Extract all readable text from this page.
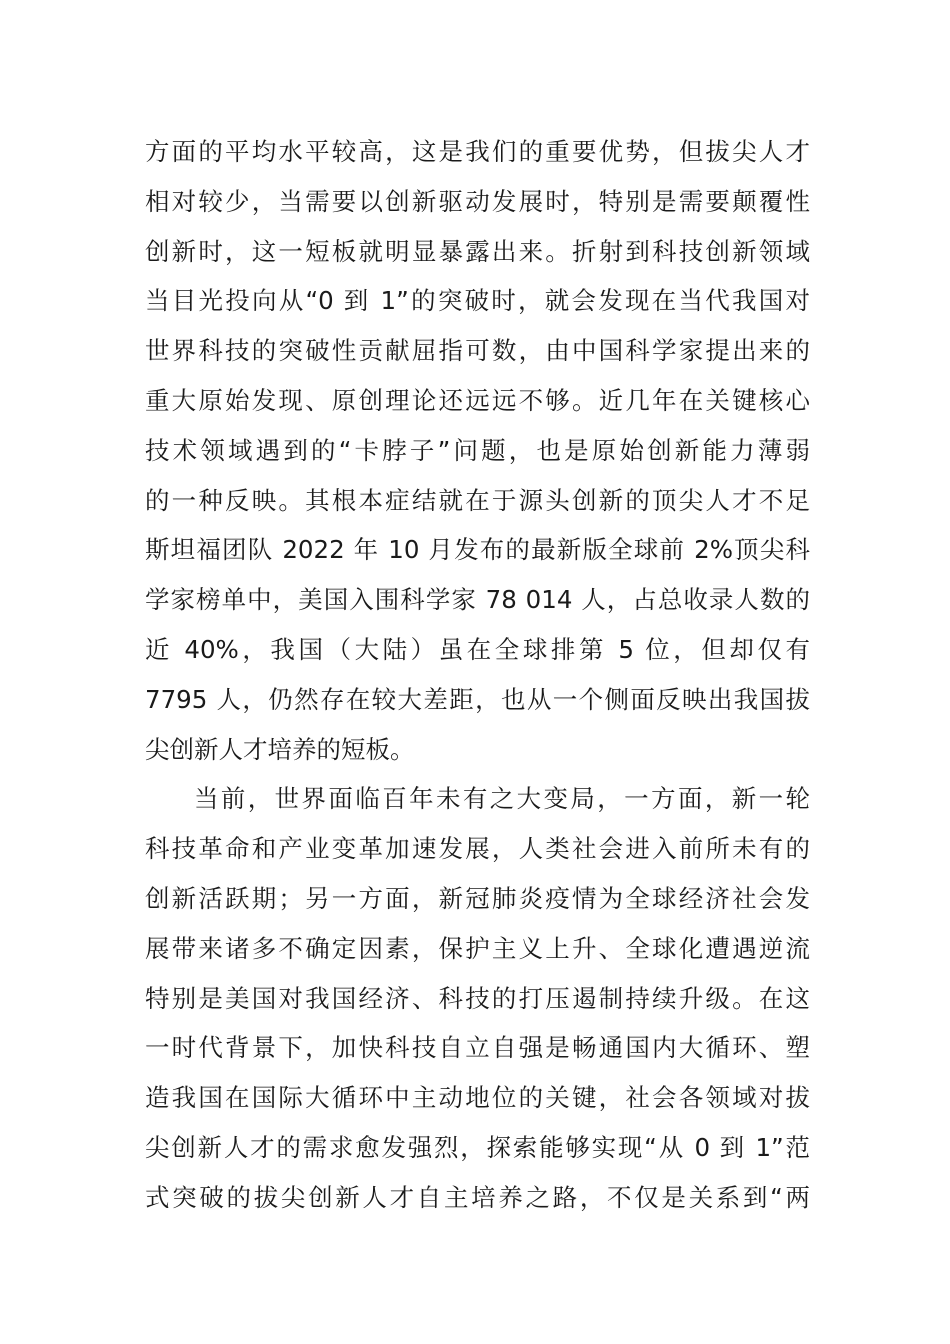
方面的平均水平较高，这是我们的重要优势，但拔尖人才
相对较少，当需要以创新驱动发展时，特别是需要颠覆性
创新时，这一短板就明显暴露出来。折射到科技创新领域
当目光投向从“0 到 1”的突破时，就会发现在当代我国对
世界科技的突破性贡献屈指可数，由中国科学家提出来的
重大原始发现、原创理论还远远不够。近几年在关键核心
技术领域遇到的“卡脖子”问题，也是原始创新能力薄弱
的一种反映。其根本症结就在于源头创新的顶尖人才不足
斯坦福团队 2022 年 10 月发布的最新版全球前 2%顶尖科
学家榜单中，美国入围科学家 78 014 人，占总收录人数的
近 40%，我国（大陆）虽在全球排第 5 位，但却仅有
7795 人，仍然存在较大差距，也从一个侧面反映出我国拔
尖创新人才培养的短板。
当前，世界面临百年未有之大变局，一方面，新一轮
科技革命和产业变革加速发展，人类社会进入前所未有的
创新活跃期；另一方面，新冠肺炎疫情为全球经济社会发
展带来诸多不确定因素，保护主义上升、全球化遭遇逆流
特别是美国对我国经济、科技的打压遏制持续升级。在这
一时代背景下，加快科技自立自强是畅通国内大循环、塑
造我国在国际大循环中主动地位的关键，社会各领域对拔
尖创新人才的需求愈发强烈，探索能够实现“从 0 到 1”范
式突破的拔尖创新人才自主培养之路，不仅是关系到“两
